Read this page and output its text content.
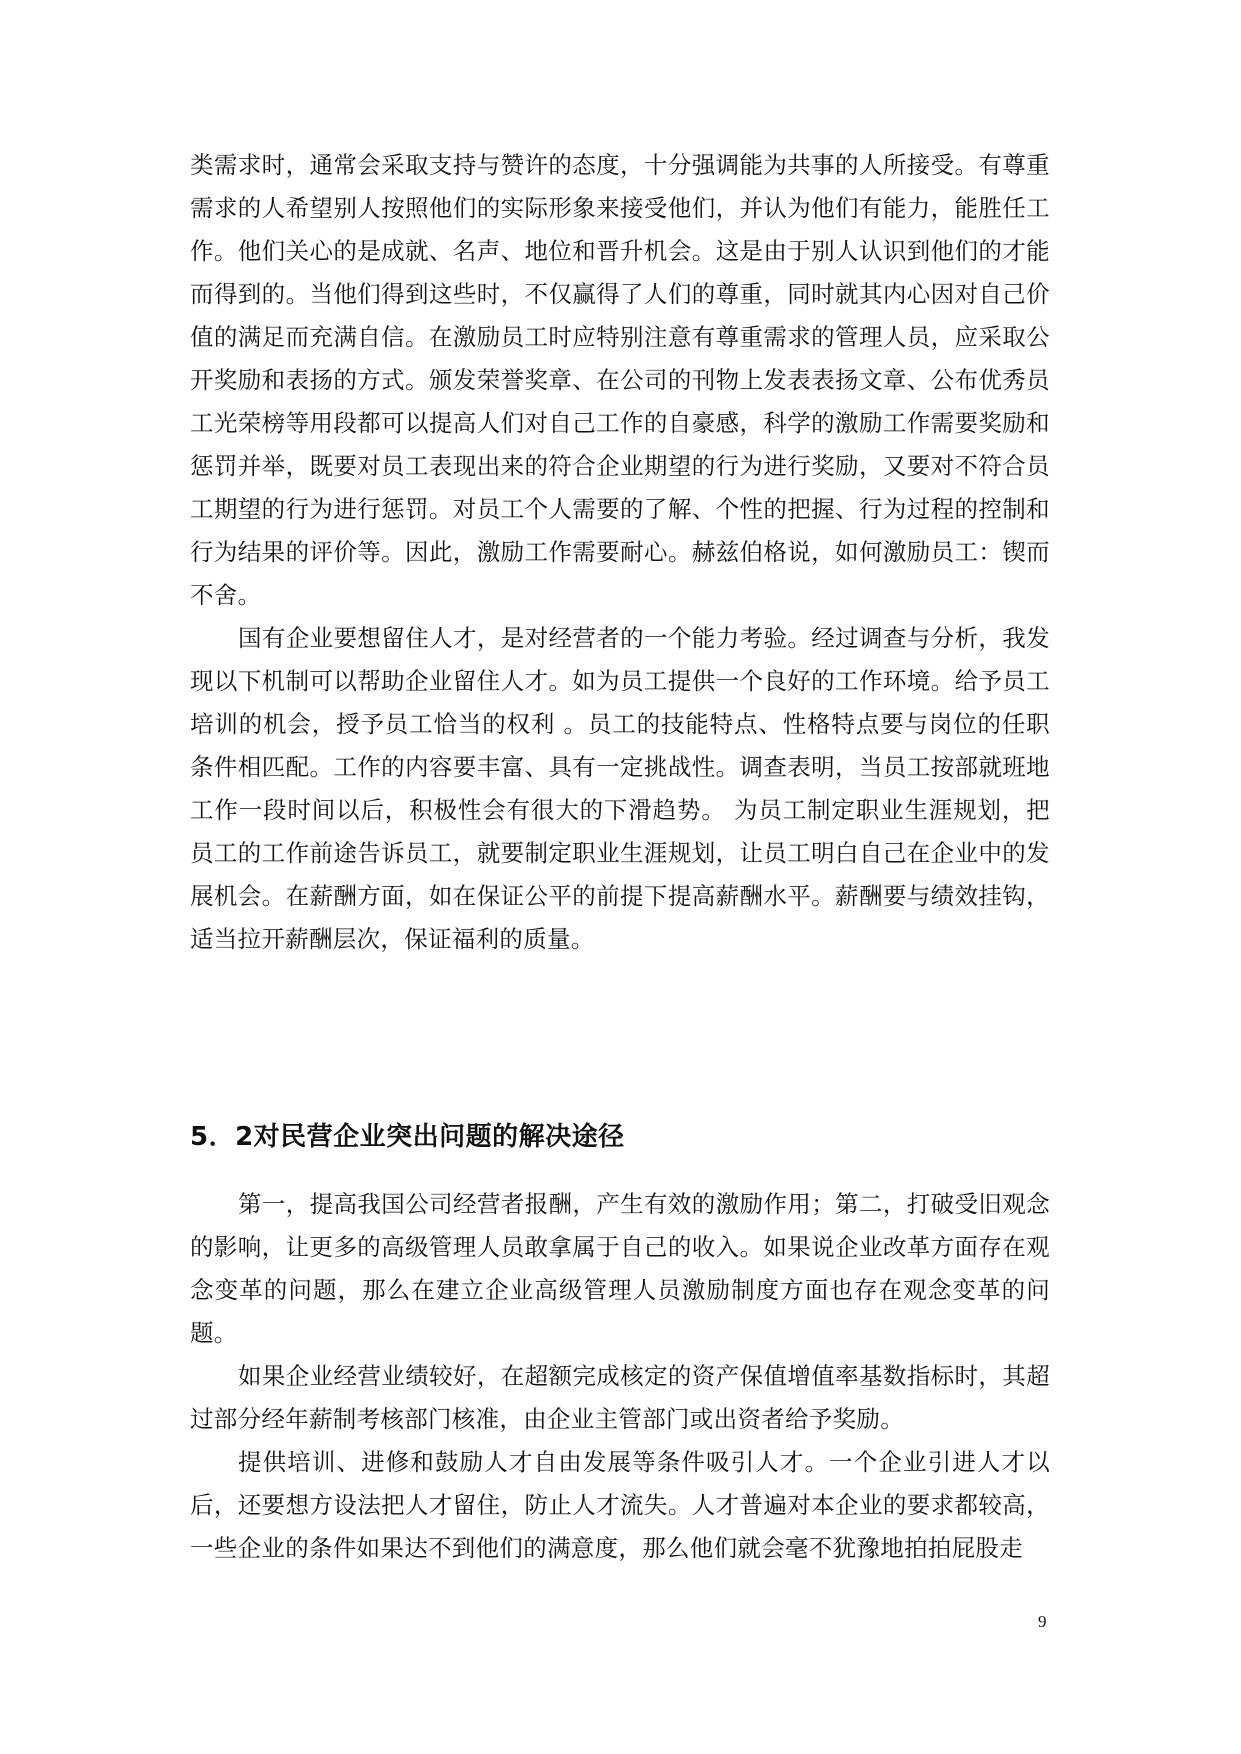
类需求时，通常会采取支持与赞许的态度，十分强调能为共事的人所接受。有尊重需求的人希望别人按照他们的实际形象来接受他们，并认为他们有能力，能胜任工作。他们关心的是成就、名声、地位和晋升机会。这是由于别人认识到他们的才能而得到的。当他们得到这些时，不仅赢得了人们的尊重，同时就其内心因对自己价值的满足而充满自信。在激励员工时应特别注意有尊重需求的管理人员，应采取公开奖励和表扬的方式。颁发荣誉奖章、在公司的刊物上发表表扬文章、公布优秀员工光荣榜等用段都可以提高人们对自己工作的自豪感，科学的激励工作需要奖励和惩罚并举，既要对员工表现出来的符合企业期望的行为进行奖励，又要对不符合员工期望的行为进行惩罚。对员工个人需要的了解、个性的把握、行为过程的控制和行为结果的评价等。因此，激励工作需要耐心。赫兹伯格说，如何激励员工：锲而不舍。

国有企业要想留住人才，是对经营者的一个能力考验。经过调查与分析，我发现以下机制可以帮助企业留住人才。如为员工提供一个良好的工作环境。给予员工培训的机会，授予员工恰当的权利 。员工的技能特点、性格特点要与岗位的任职条件相匹配。工作的内容要丰富、具有一定挑战性。调查表明，当员工按部就班地工作一段时间以后，积极性会有很大的下滑趋势。 为员工制定职业生涯规划，把员工的工作前途告诉员工，就要制定职业生涯规划，让员工明白自己在企业中的发展机会。在薪酬方面，如在保证公平的前提下提高薪酬水平。薪酬要与绩效挂钩，适当拉开薪酬层次，保证福利的质量。

5．2对民营企业突出问题的解决途径

第一，提高我国公司经营者报酬，产生有效的激励作用；第二，打破受旧观念的影响，让更多的高级管理人员敢拿属于自己的收入。如果说企业改革方面存在观念变革的问题，那么在建立企业高级管理人员激励制度方面也存在观念变革的问题。

如果企业经营业绩较好，在超额完成核定的资产保值增值率基数指标时，其超过部分经年薪制考核部门核准，由企业主管部门或出资者给予奖励。

提供培训、进修和鼓励人才自由发展等条件吸引人才。一个企业引进人才以后，还要想方设法把人才留住，防止人才流失。人才普遍对本企业的要求都较高，一些企业的条件如果达不到他们的满意度，那么他们就会毫不犹豫地拍拍屁股走

9
